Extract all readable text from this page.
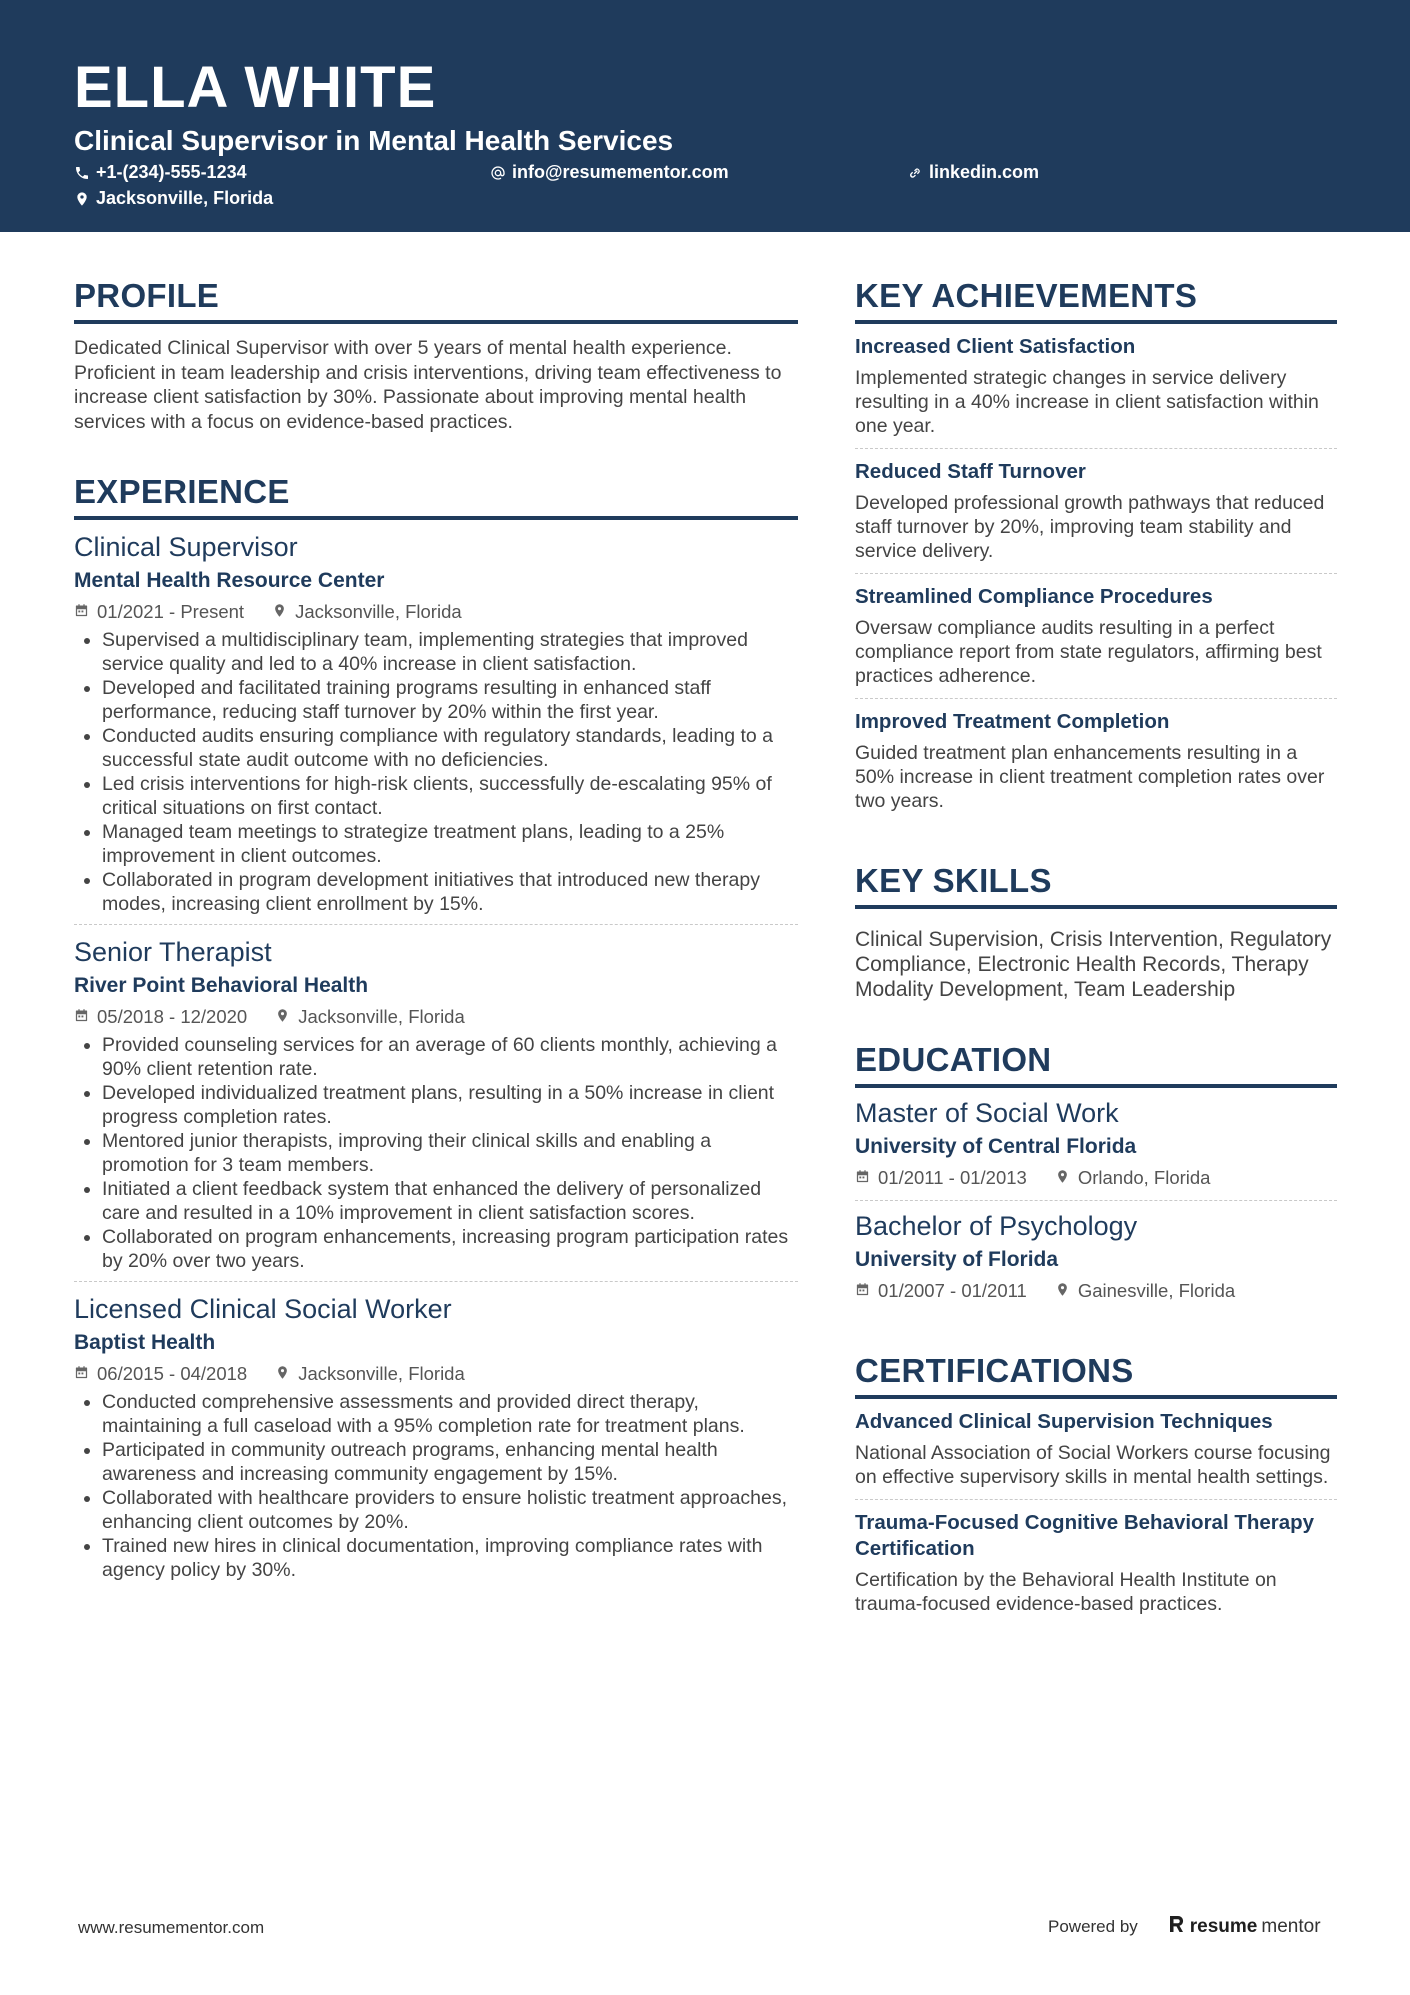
ELLA WHITE
Clinical Supervisor in Mental Health Services
+1-(234)-555-1234	info@resumementor.com	linkedin.com
Jacksonville, Florida
PROFILE
Dedicated Clinical Supervisor with over 5 years of mental health experience. Proficient in team leadership and crisis interventions, driving team effectiveness to increase client satisfaction by 30%. Passionate about improving mental health services with a focus on evidence-based practices.
EXPERIENCE
Clinical Supervisor
Mental Health Resource Center
01/2021 - Present	Jacksonville, Florida
• Supervised a multidisciplinary team, implementing strategies that improved service quality and led to a 40% increase in client satisfaction.
• Developed and facilitated training programs resulting in enhanced staff performance, reducing staff turnover by 20% within the first year.
• Conducted audits ensuring compliance with regulatory standards, leading to a successful state audit outcome with no deficiencies.
• Led crisis interventions for high-risk clients, successfully de-escalating 95% of critical situations on first contact.
• Managed team meetings to strategize treatment plans, leading to a 25% improvement in client outcomes.
• Collaborated in program development initiatives that introduced new therapy modes, increasing client enrollment by 15%.
Senior Therapist
River Point Behavioral Health
05/2018 - 12/2020	Jacksonville, Florida
• Provided counseling services for an average of 60 clients monthly, achieving a 90% client retention rate.
• Developed individualized treatment plans, resulting in a 50% increase in client progress completion rates.
• Mentored junior therapists, improving their clinical skills and enabling a promotion for 3 team members.
• Initiated a client feedback system that enhanced the delivery of personalized care and resulted in a 10% improvement in client satisfaction scores.
• Collaborated on program enhancements, increasing program participation rates by 20% over two years.
Licensed Clinical Social Worker
Baptist Health
06/2015 - 04/2018	Jacksonville, Florida
• Conducted comprehensive assessments and provided direct therapy, maintaining a full caseload with a 95% completion rate for treatment plans.
• Participated in community outreach programs, enhancing mental health awareness and increasing community engagement by 15%.
• Collaborated with healthcare providers to ensure holistic treatment approaches, enhancing client outcomes by 20%.
• Trained new hires in clinical documentation, improving compliance rates with agency policy by 30%.
KEY ACHIEVEMENTS
Increased Client Satisfaction
Implemented strategic changes in service delivery resulting in a 40% increase in client satisfaction within one year.
Reduced Staff Turnover
Developed professional growth pathways that reduced staff turnover by 20%, improving team stability and service delivery.
Streamlined Compliance Procedures
Oversaw compliance audits resulting in a perfect compliance report from state regulators, affirming best practices adherence.
Improved Treatment Completion
Guided treatment plan enhancements resulting in a 50% increase in client treatment completion rates over two years.
KEY SKILLS
Clinical Supervision, Crisis Intervention, Regulatory Compliance, Electronic Health Records, Therapy Modality Development, Team Leadership
EDUCATION
Master of Social Work
University of Central Florida
01/2011 - 01/2013	Orlando, Florida
Bachelor of Psychology
University of Florida
01/2007 - 01/2011	Gainesville, Florida
CERTIFICATIONS
Advanced Clinical Supervision Techniques
National Association of Social Workers course focusing on effective supervisory skills in mental health settings.
Trauma-Focused Cognitive Behavioral Therapy Certification
Certification by the Behavioral Health Institute on trauma-focused evidence-based practices.
www.resumementor.com	Powered by	resume mentor
